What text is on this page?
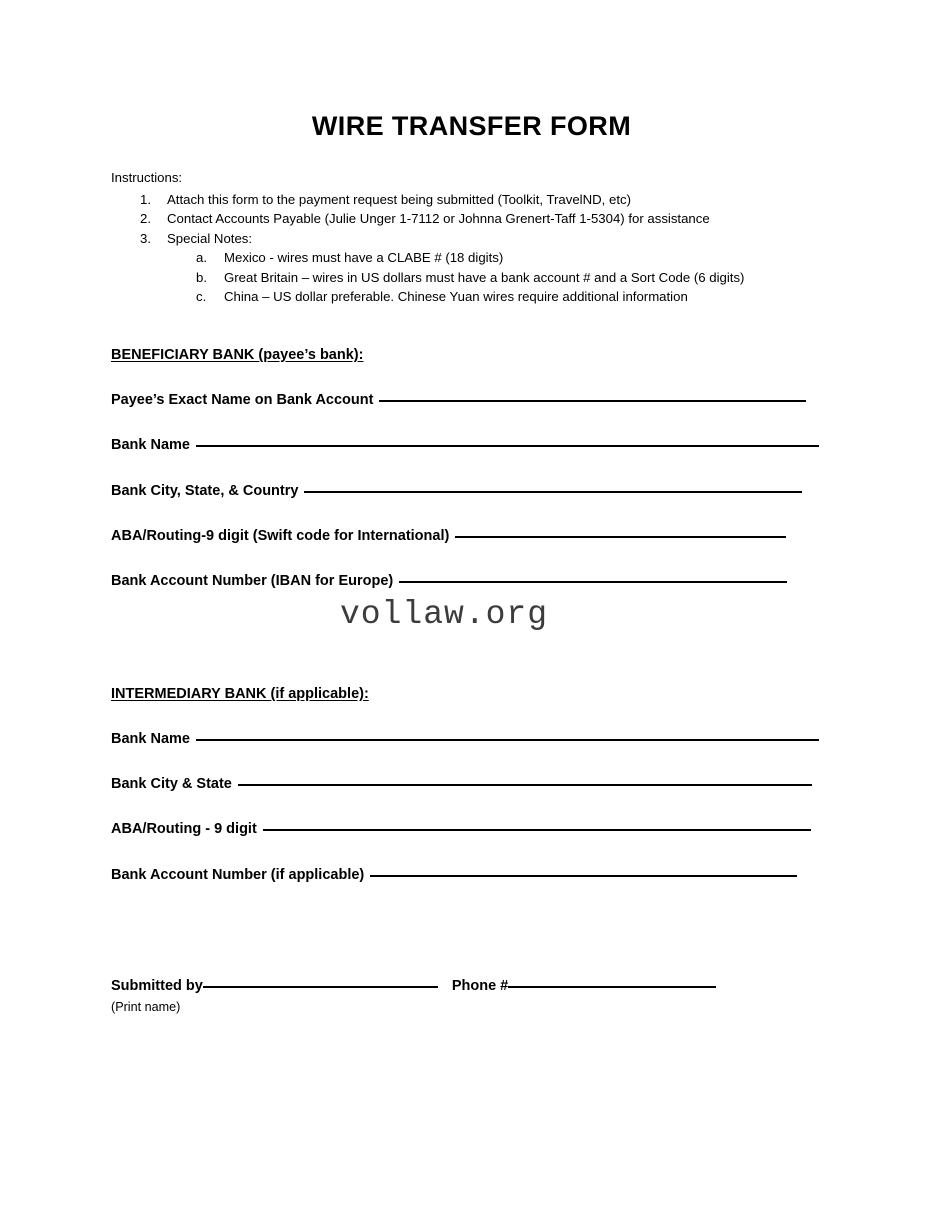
WIRE TRANSFER FORM
Instructions:
1. Attach this form to the payment request being submitted (Toolkit, TravelND, etc)
2. Contact Accounts Payable (Julie Unger 1-7112 or Johnna Grenert-Taff 1-5304) for assistance
3. Special Notes:
a. Mexico - wires must have a CLABE # (18 digits)
b. Great Britain – wires in US dollars must have a bank account # and a Sort Code (6 digits)
c. China – US dollar preferable. Chinese Yuan wires require additional information
BENEFICIARY BANK (payee’s bank):
Payee’s Exact Name on Bank Account
Bank Name
Bank City, State, & Country
ABA/Routing-9 digit (Swift code for International)
Bank Account Number (IBAN for Europe)
vollaw.org
INTERMEDIARY BANK (if applicable):
Bank Name
Bank City & State
ABA/Routing - 9 digit
Bank Account Number (if applicable)
Submitted by	Phone #
(Print name)
